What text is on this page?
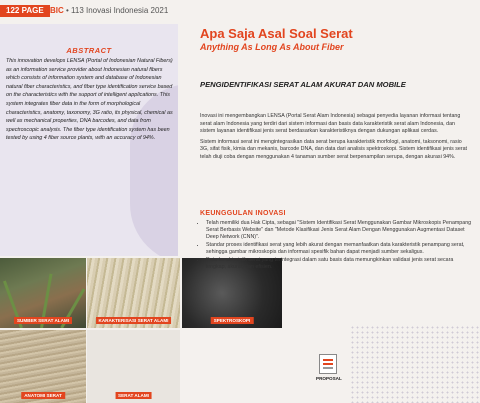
122 PAGE BIC • 113 Inovasi Indonesia 2021
ABSTRACT
This innovation develops LENSA (Portal of Indonesian Natural Fibers) as an information service provider about Indonesian natural fibers which consists of information system and database of Indonesian natural fiber characteristics, and fiber type identification service based on the characteristics with the support of intelligent applications. This system integrates fiber data in the form of morphological characteristics, anatomy, taxonomy, 3G ratio, its physical, chemical as well as mechanical properties, DNA barcodes, and data from spectroscopic analysis. The fiber type identification system has been tested by using 4 fiber source plants, with an accuracy of 94%.
SUMBER SERAT ALAMI	KARAKTERISASI SERAT ALAMI	SPEKTROSKOPI
ANATOMI SERAT	SERAT ALAMI
Apa Saja Asal Soal Serat
Anything As Long As About Fiber
PENGIDENTIFIKASI SERAT ALAM AKURAT DAN MOBILE

Inovasi ini mengembangkan LENSA (Portal Serat Alam Indonesia) sebagai penyedia layanan informasi tentang serat alam Indonesia yang terdiri dari sistem informasi dan basis data karakteristik serat alam Indonesia, dan sistem layanan identifikasi jenis serat berdasarkan karakteristiknya dengan dukungan aplikasi cerdas.

Sistem informasi serat ini mengintegrasikan data serat berupa karakteristik morfologi, anatomi, taksonomi, rasio 3G, sifat fisik, kimia dan mekanis, barcode DNA, dan data dari analisis spektroskopi. Sistem identifikasi jenis serat telah diuji coba dengan menggunakan 4 tanaman sumber serat berpenampilan serupa, dengan akurasi 94%.

KEUNGGULAN INOVASI
• Telah memiliki dua Hak Cipta, sebagai "Sistem Identifikasi Serat Menggunakan Gambar Mikroskopis Penampang Serat Berbasis Website" dan "Metode Klasifikasi Jenis Serat Alam Dengan Menggunakan Augmentasi Dataset Deep Network (CNN)".
• Standar proses identifikasi serat yang lebih akurat dengan memanfaatkan data karakteristik penampang serat, sehingga gambar mikroskopis dan informasi spesifik bahan dapat menjadi sumber sekaligus.
• Data karakteristik serat yang terintegrasi dalam satu basis data memungkinkan validasi jenis serat secara lengkap, akurat, dan efisien.
PROPOSAL
